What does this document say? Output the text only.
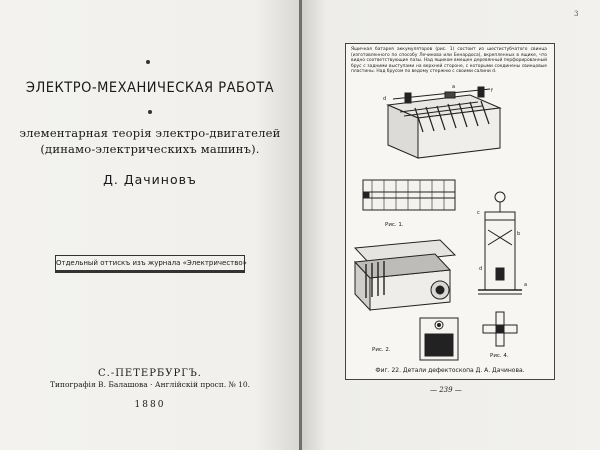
ЭЛЕКТРО-МЕХАНИЧЕСКАЯ РАБОТА
элементарная теорія электро-двигателей
(динамо-электрическихъ машинъ).
Д. Дачиновъ
Отдельный оттискъ изъ журнала «Электричество»
С.-ПЕТЕРБУРГЪ.
Типографія В. Балашова · Англійскій просп. № 10.
1880
3
Ящичная батарея аккумуляторов (рис. 1) состоит из шестистубчатого свинца (изготовленного по способу Лечинова или Бенардоса), вкрепленных в ящике, что видно соответствующие пазы. Над ящиком вмещен деревянный перфорированный брус с задними выступами на верхней стороне, с которыми соединены свинцовые пластины. Над брусом по ведому стержню с своими салини d.
d
a
f
c
b
d
a
Рис. 1.
Рис. 2.
Рис. 4.
Фиг. 22. Детали дефектоскопа Д. А. Дачинова.
— 239 —
